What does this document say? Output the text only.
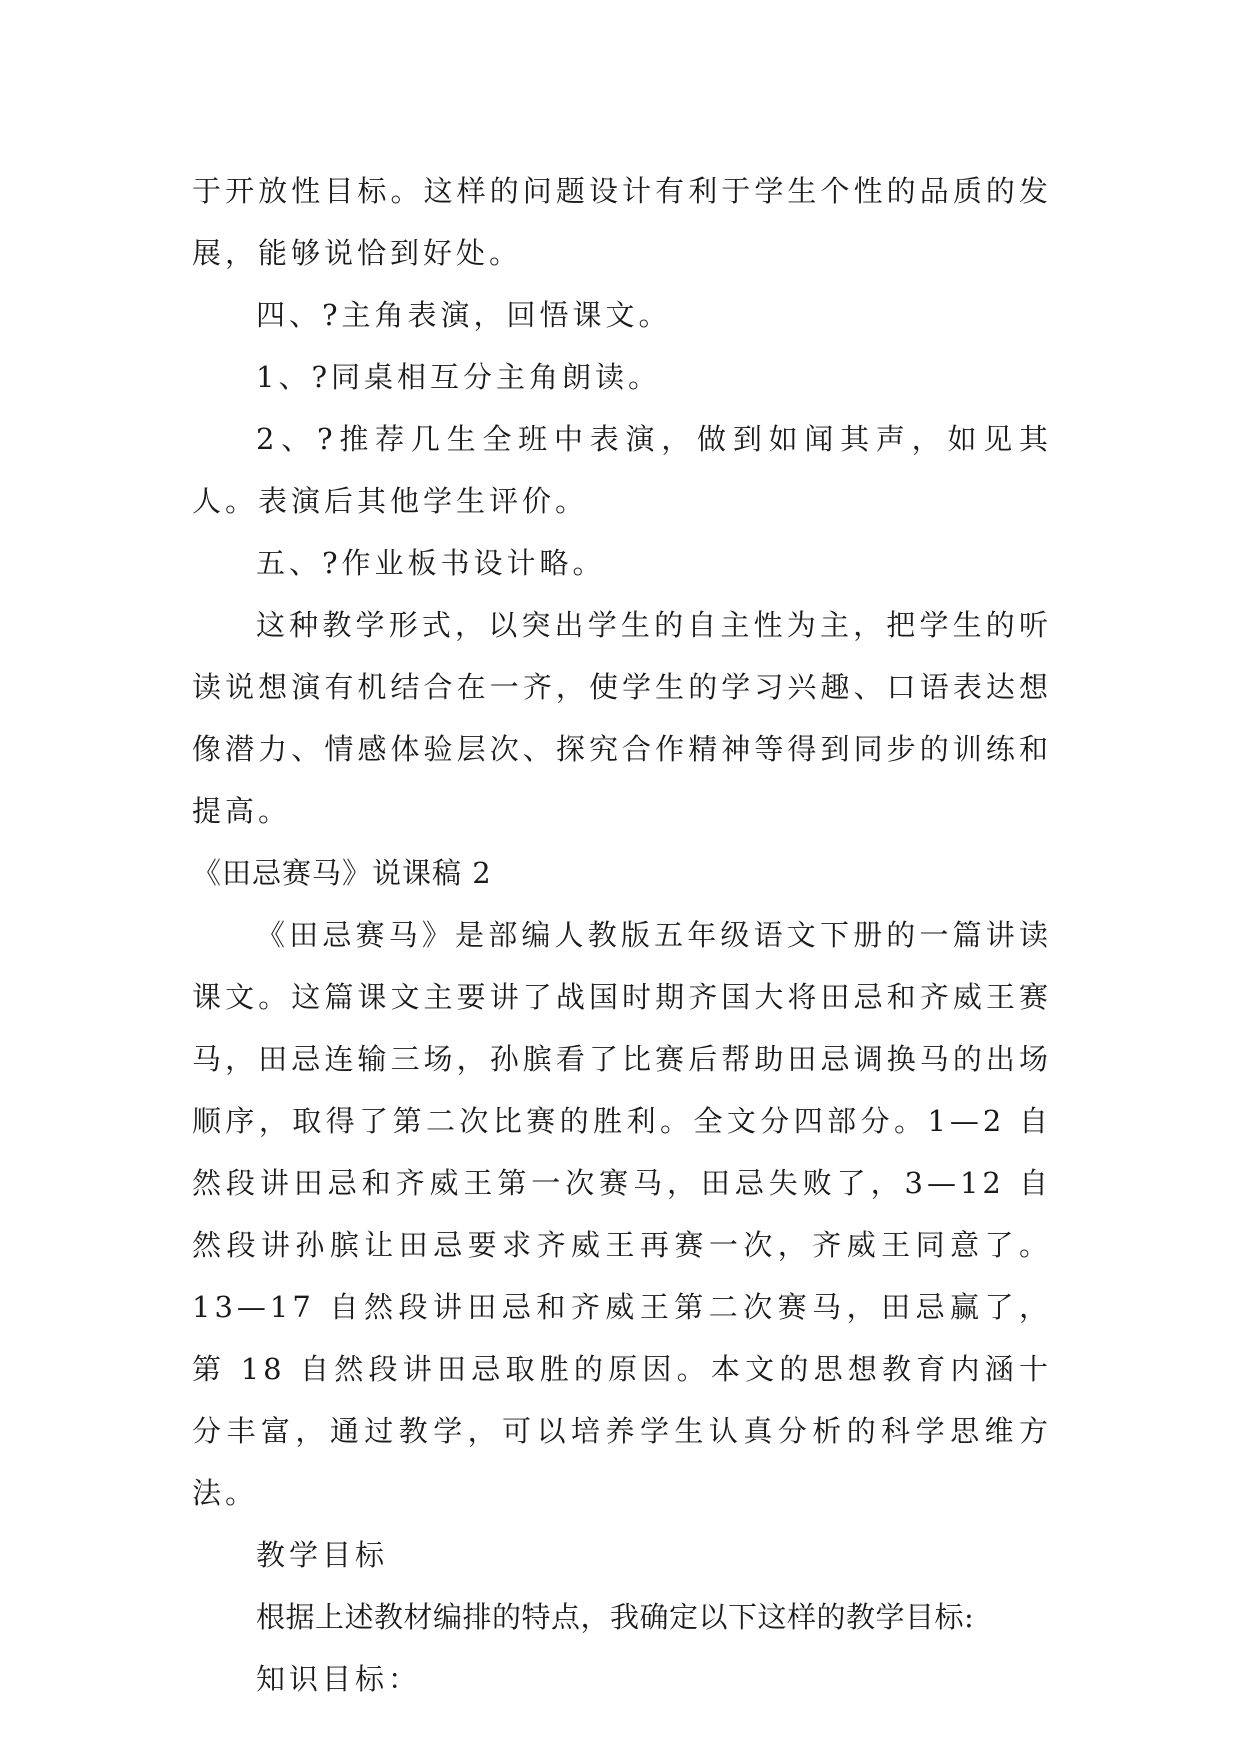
于开放性目标。这样的问题设计有利于学生个性的品质的发展，能够说恰到好处。

四、?主角表演，回悟课文。

1、?同桌相互分主角朗读。

2、?推荐几生全班中表演，做到如闻其声，如见其人。表演后其他学生评价。

五、?作业板书设计略。

这种教学形式，以突出学生的自主性为主，把学生的听读说想演有机结合在一齐，使学生的学习兴趣、口语表达想像潜力、情感体验层次、探究合作精神等得到同步的训练和提高。

《田忌赛马》说课稿 2

《田忌赛马》是部编人教版五年级语文下册的一篇讲读课文。这篇课文主要讲了战国时期齐国大将田忌和齐威王赛马，田忌连输三场，孙膑看了比赛后帮助田忌调换马的出场顺序，取得了第二次比赛的胜利。全文分四部分。1—2 自然段讲田忌和齐威王第一次赛马，田忌失败了，3—12 自然段讲孙膑让田忌要求齐威王再赛一次，齐威王同意了。13—17 自然段讲田忌和齐威王第二次赛马，田忌赢了，第 18 自然段讲田忌取胜的原因。本文的思想教育内涵十分丰富，通过教学，可以培养学生认真分析的科学思维方法。

教学目标

根据上述教材编排的特点，我确定以下这样的教学目标:

知识目标：
